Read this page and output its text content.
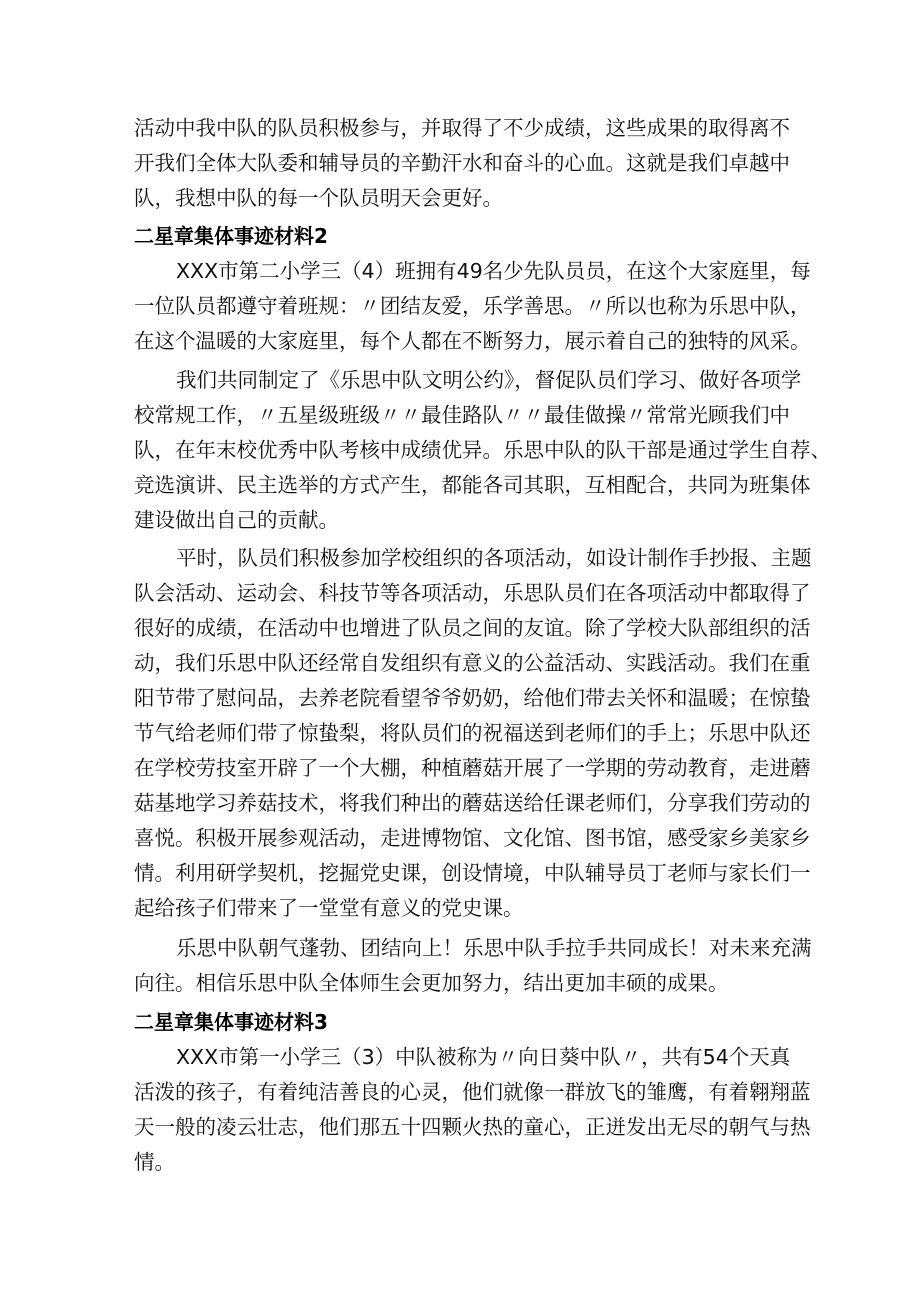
活动中我中队的队员积极参与，并取得了不少成绩，这些成果的取得离不
开我们全体大队委和辅导员的辛勤汗水和奋斗的心血。这就是我们卓越中
队，我想中队的每一个队员明天会更好。
二星章集体事迹材料2
XXX市第二小学三（4）班拥有49名少先队员员，在这个大家庭里，每
一位队员都遵守着班规：〃团结友爱，乐学善思。〃所以也称为乐思中队，
在这个温暖的大家庭里，每个人都在不断努力，展示着自己的独特的风采。
我们共同制定了《乐思中队文明公约》，督促队员们学习、做好各项学
校常规工作，〃五星级班级〃〃最佳路队〃〃最佳做操〃常常光顾我们中
队，在年末校优秀中队考核中成绩优异。乐思中队的队干部是通过学生自荐、
竞选演讲、民主选举的方式产生，都能各司其职，互相配合，共同为班集体
建设做出自己的贡献。
平时，队员们积极参加学校组织的各项活动，如设计制作手抄报、主题
队会活动、运动会、科技节等各项活动，乐思队员们在各项活动中都取得了
很好的成绩，在活动中也增进了队员之间的友谊。除了学校大队部组织的活
动，我们乐思中队还经常自发组织有意义的公益活动、实践活动。我们在重
阳节带了慰问品，去养老院看望爷爷奶奶，给他们带去关怀和温暖；在惊蛰
节气给老师们带了惊蛰梨，将队员们的祝福送到老师们的手上；乐思中队还
在学校劳技室开辟了一个大棚，种植蘑菇开展了一学期的劳动教育，走进蘑
菇基地学习养菇技术，将我们种出的蘑菇送给任课老师们，分享我们劳动的
喜悦。积极开展参观活动，走进博物馆、文化馆、图书馆，感受家乡美家乡
情。利用研学契机，挖掘党史课，创设情境，中队辅导员丁老师与家长们一
起给孩子们带来了一堂堂有意义的党史课。
乐思中队朝气蓬勃、团结向上！乐思中队手拉手共同成长！对未来充满
向往。相信乐思中队全体师生会更加努力，结出更加丰硕的成果。
二星章集体事迹材料3
XXX市第一小学三（3）中队被称为〃向日葵中队〃，共有54个天真
活泼的孩子，有着纯洁善良的心灵，他们就像一群放飞的雏鹰，有着翱翔蓝
天一般的凌云壮志，他们那五十四颗火热的童心，正迸发出无尽的朝气与热
情。
